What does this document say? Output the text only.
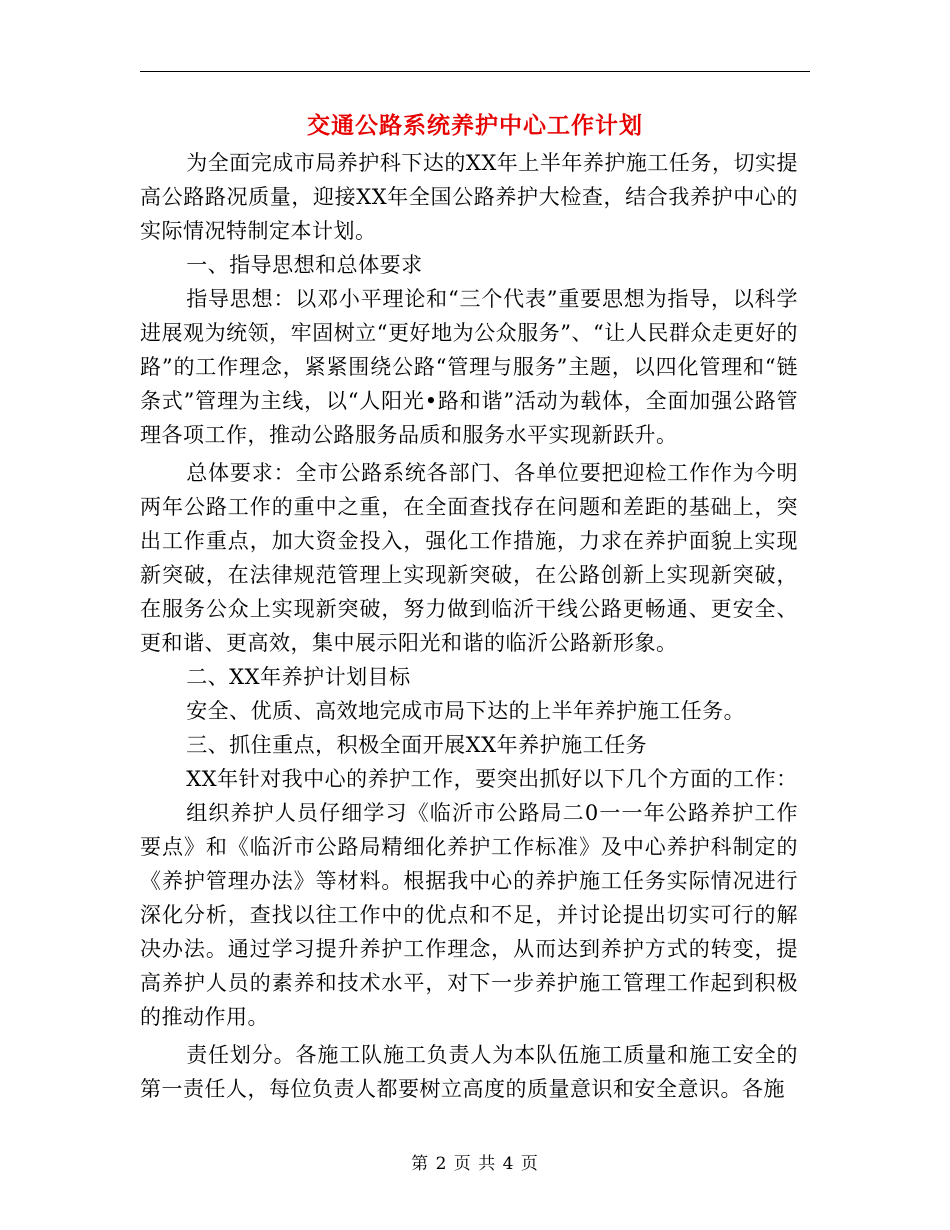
交通公路系统养护中心工作计划

为全面完成市局养护科下达的XX年上半年养护施工任务，切实提高公路路况质量，迎接XX年全国公路养护大检查，结合我养护中心的实际情况特制定本计划。

一、指导思想和总体要求

指导思想：以邓小平理论和“三个代表”重要思想为指导，以科学进展观为统领，牢固树立“更好地为公众服务”、“让人民群众走更好的路”的工作理念，紧紧围绕公路“管理与服务”主题，以四化管理和“链条式”管理为主线，以“人阳光•路和谐”活动为载体，全面加强公路管理各项工作，推动公路服务品质和服务水平实现新跃升。

总体要求：全市公路系统各部门、各单位要把迎检工作作为今明两年公路工作的重中之重，在全面查找存在问题和差距的基础上，突出工作重点，加大资金投入，强化工作措施，力求在养护面貌上实现新突破，在法律规范管理上实现新突破，在公路创新上实现新突破，在服务公众上实现新突破，努力做到临沂干线公路更畅通、更安全、更和谐、更高效，集中展示阳光和谐的临沂公路新形象。

二、XX年养护计划目标

安全、优质、高效地完成市局下达的上半年养护施工任务。

三、抓住重点，积极全面开展XX年养护施工任务

XX年针对我中心的养护工作，要突出抓好以下几个方面的工作：

组织养护人员仔细学习《临沂市公路局二0一一年公路养护工作要点》和《临沂市公路局精细化养护工作标准》及中心养护科制定的《养护管理办法》等材料。根据我中心的养护施工任务实际情况进行深化分析，查找以往工作中的优点和不足，并讨论提出切实可行的解决办法。通过学习提升养护工作理念，从而达到养护方式的转变，提高养护人员的素养和技术水平，对下一步养护施工管理工作起到积极的推动作用。

责任划分。各施工队施工负责人为本队伍施工质量和施工安全的第一责任人，每位负责人都要树立高度的质量意识和安全意识。各施

第 2 页 共 4 页
